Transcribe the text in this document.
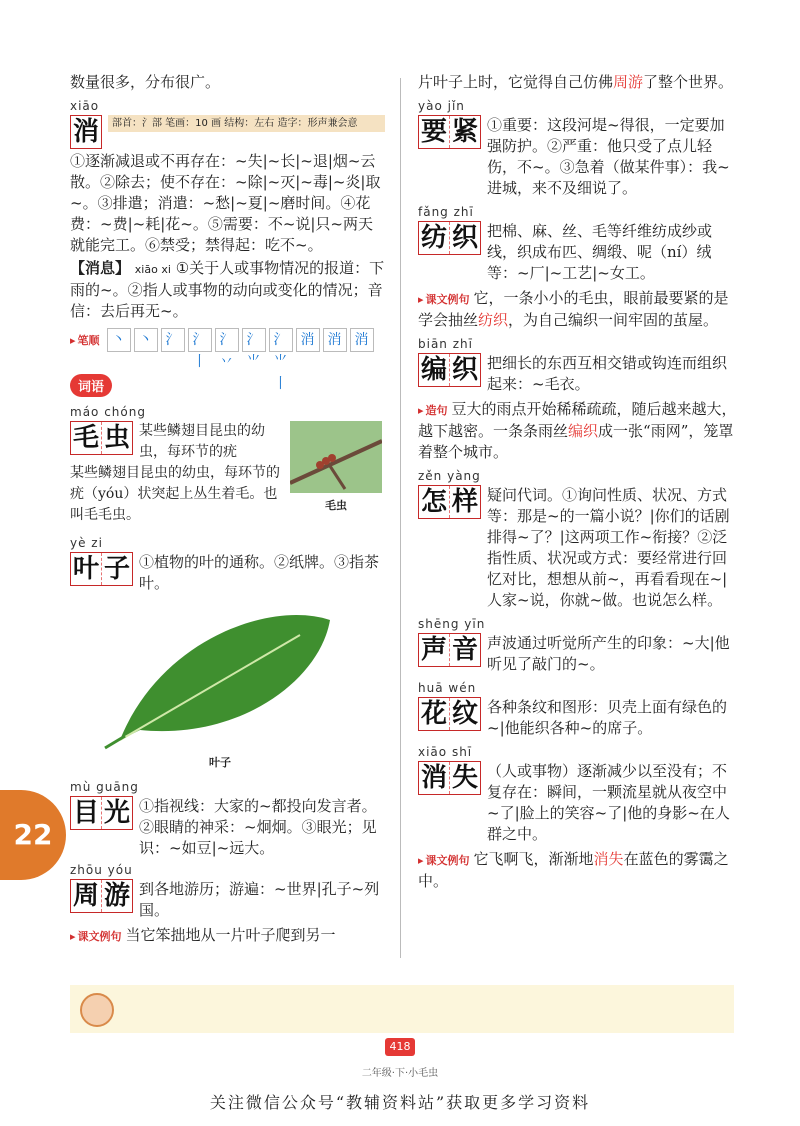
数量很多，分布很广。

xiāo
消	部首：氵部 笔画：10 画 结构：左右 造字：形声兼会意

①逐渐减退或不再存在：~失|~长|~退|烟~云散。②除去；使不存在：~除|~灭|~毒|~炎|取~。③排遣；消遣：~愁|~夏|~磨时间。④花费：~费|~耗|花~。⑤需要：不~说|只~两天就能完工。⑥禁受；禁得起：吃不~。

【消息】 xiāo xi ①关于人或事物情况的报道：下雨的~。②指人或事物的动向或变化的情况；音信：去后再无~。

▸ 笔顺 丶 丶 氵 氵丨
氵丷
氵⺌
氵⺌丨
消 消 消
词语
máo chóng
毛 虫 某些鳞翅目昆虫的幼虫，每环节的疣

某些鳞翅目昆虫的幼虫，每环节的疣（yóu）状突起上丛生着毛。也叫毛毛虫。

毛虫
yè zi
叶 子 ①植物的叶的通称。②纸牌。③指茶叶。

叶子
mù guāng
目 光 ①指视线：大家的~都投向发言者。②眼睛的神采：~炯炯。③眼光；见识：~如豆|~远大。

zhōu yóu
周 游 到各地游历；游遍：~世界|孔子~列国。

▸ 课文例句 当它笨拙地从一片叶子爬到另一

片叶子上时，它觉得自己仿佛周游了整个世界。

yào jǐn
要 紧 ①重要：这段河堤~得很，一定要加强防护。②严重：他只受了点儿轻伤，不~。③急着（做某件事）：我~进城，来不及细说了。

fǎng zhī
纺 织 把棉、麻、丝、毛等纤维纺成纱或线，织成布匹、绸缎、呢（ní）绒等：~厂|~工艺|~女工。

▸ 课文例句 它，一条小小的毛虫，眼前最要紧的是学会抽丝纺织，为自己编织一间牢固的茧屋。

biān zhī
编 织 把细长的东西互相交错或钩连而组织起来：~毛衣。

▸ 造句 豆大的雨点开始稀稀疏疏，随后越来越大，越下越密。一条条雨丝编织成一张“雨网”，笼罩着整个城市。

zěn yàng
怎 样 疑问代词。①询问性质、状况、方式等：那是~的一篇小说？|你们的话剧排得~了？|这两项工作~衔接？②泛指性质、状况或方式：要经常进行回忆对比，想想从前~，再看看现在~|人家~说，你就~做。也说怎么样。

shēng yīn
声 音 声波通过听觉所产生的印象：~大|他听见了敲门的~。

huā wén
花 纹 各种条纹和图形：贝壳上面有绿色的~|他能织各种~的席子。

xiāo shī
消 失 （人或事物）逐渐减少以至没有；不复存在：瞬间，一颗流星就从夜空中~了|脸上的笑容~了|他的身影~在人群之中。

▸ 课文例句 它飞啊飞，渐渐地消失在蓝色的雾霭之中。

22
418
二年级·下·小毛虫
关注微信公众号“教辅资料站”获取更多学习资料
